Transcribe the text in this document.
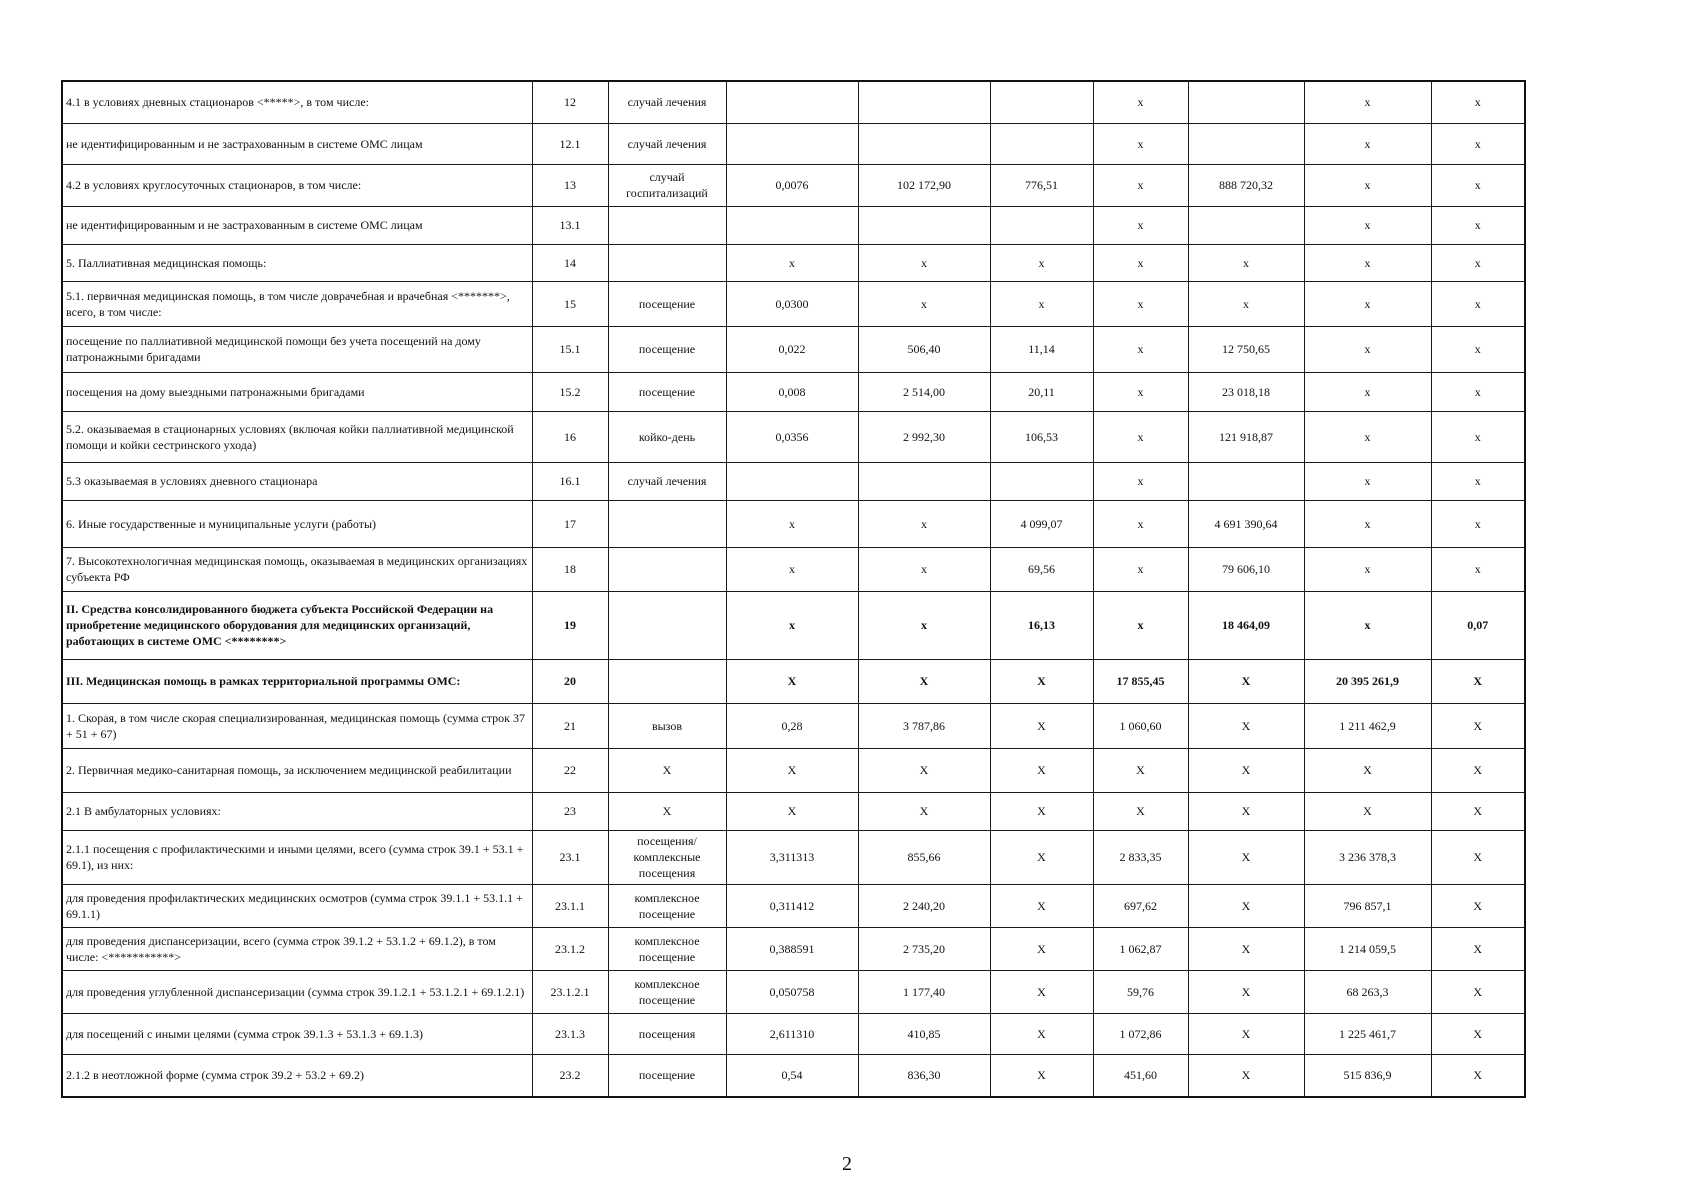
4.1 в условиях дневных стационаров <*****>, в том числе:	12	случай лечения				x		x	x
не идентифицированным и не застрахованным в системе ОМС лицам	12.1	случай лечения				x		x	x
4.2 в условиях круглосуточных стационаров, в том числе:	13	случай госпитализаций	0,0076	102 172,90	776,51	x	888 720,32	x	x
не идентифицированным и не застрахованным в системе ОМС лицам	13.1					x		x	x
5. Паллиативная медицинская помощь:	14		x	x	x	x	x	x	x
5.1. первичная медицинская помощь, в том числе доврачебная и врачебная <*******>, всего, в том числе:	15	посещение	0,0300	x	x	x	x	x	x
посещение по паллиативной медицинской помощи без учета посещений на дому патронажными бригадами	15.1	посещение	0,022	506,40	11,14	x	12 750,65	x	x
посещения на дому выездными патронажными бригадами	15.2	посещение	0,008	2 514,00	20,11	x	23 018,18	x	x
5.2. оказываемая в стационарных условиях (включая койки паллиативной медицинской помощи и койки сестринского ухода)	16	койко-день	0,0356	2 992,30	106,53	x	121 918,87	x	x
5.3 оказываемая в условиях дневного стационара	16.1	случай лечения				x		x	x
6. Иные государственные и муниципальные услуги (работы)	17		x	x	4 099,07	x	4 691 390,64	x	x
7. Высокотехнологичная медицинская помощь, оказываемая в медицинских организациях субъекта РФ	18		x	x	69,56	x	79 606,10	x	x
II. Средства консолидированного бюджета субъекта Российской Федерации на приобретение медицинского оборудования для медицинских организаций, работающих в системе ОМС <********>	19		x	x	16,13	x	18 464,09	x	0,07
III. Медицинская помощь в рамках территориальной программы ОМС:	20		X	X	X	17 855,45	X	20 395 261,9	X
1. Скорая, в том числе скорая специализированная, медицинская помощь (сумма строк 37 + 51 + 67)	21	вызов	0,28	3 787,86	X	1 060,60	X	1 211 462,9	X
2. Первичная медико-санитарная помощь, за исключением медицинской реабилитации	22	X	X	X	X	X	X	X	X
2.1 В амбулаторных условиях:	23	X	X	X	X	X	X	X	X
2.1.1 посещения с профилактическими и иными целями, всего (сумма строк 39.1 + 53.1 + 69.1), из них:	23.1	посещения/ комплексные посещения	3,311313	855,66	X	2 833,35	X	3 236 378,3	X
для проведения профилактических медицинских осмотров (сумма строк 39.1.1 + 53.1.1 + 69.1.1)	23.1.1	комплексное посещение	0,311412	2 240,20	X	697,62	X	796 857,1	X
для проведения диспансеризации, всего (сумма строк 39.1.2 + 53.1.2 + 69.1.2), в том числе: <***********>	23.1.2	комплексное посещение	0,388591	2 735,20	X	1 062,87	X	1 214 059,5	X
для проведения углубленной диспансеризации (сумма строк 39.1.2.1 + 53.1.2.1 + 69.1.2.1)	23.1.2.1	комплексное посещение	0,050758	1 177,40	X	59,76	X	68 263,3	X
для посещений с иными целями (сумма строк 39.1.3 + 53.1.3 + 69.1.3)	23.1.3	посещения	2,611310	410,85	X	1 072,86	X	1 225 461,7	X
2.1.2 в неотложной форме (сумма строк 39.2 + 53.2 + 69.2)	23.2	посещение	0,54	836,30	X	451,60	X	515 836,9	X
2
